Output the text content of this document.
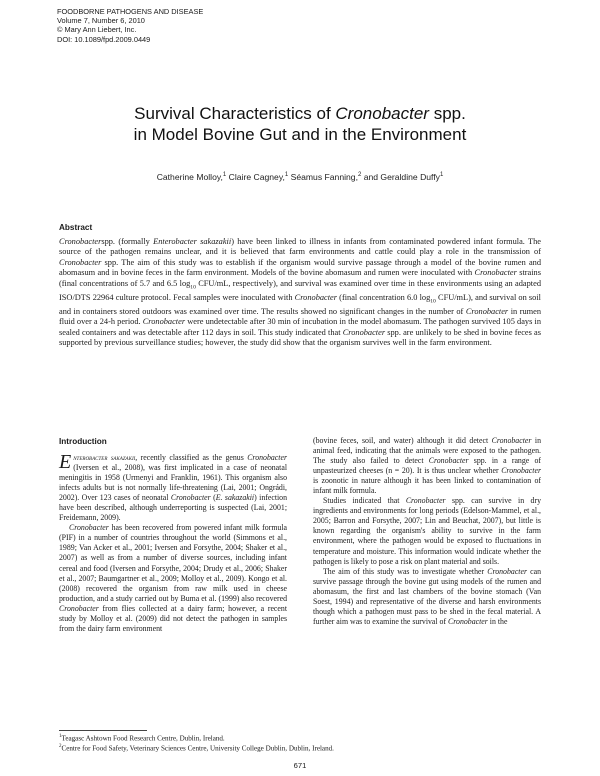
FOODBORNE PATHOGENS AND DISEASE
Volume 7, Number 6, 2010
© Mary Ann Liebert, Inc.
DOI: 10.1089/fpd.2009.0449
Survival Characteristics of Cronobacter spp.
in Model Bovine Gut and in the Environment
Catherine Molloy,$^1$ Claire Cagney,$^1$ Séamus Fanning,$^2$ and Geraldine Duffy$^1$
Abstract

Cronobacterspp. (formally Enterobacter sakazakii) have been linked to illness in infants from contaminated powdered infant formula. The source of the pathogen remains unclear, and it is believed that farm environments and cattle could play a role in the transmission of Cronobacter spp. The aim of this study was to establish if the organism would survive passage through a model of the bovine rumen and abomasum and in bovine feces in the farm environment. Models of the bovine abomasum and rumen were inoculated with Cronobacter strains (final concentrations of 5.7 and 6.5 $\log_{10} CFU/mL$, respectively), and survival was examined over time in these environments using an adapted ISO/DTS 22964 culture protocol. Fecal samples were inoculated with Cronobacter (final concentration 6.0 $\log_{10} CFU/mL$), and survival on soil and in containers stored outdoors was examined over time. The results showed no significant changes in the number of Cronobacter in rumen fluid over a 24-h period. Cronobacter were undetectable after 30 min of incubation in the model abomasum. The pathogen survived 105 days in sealed containers and was detectable after 112 days in soil. This study indicated that Cronobacter spp. are unlikely to be shed in bovine feces as supported by previous surveillance studies; however, the study did show that the organism survives well in the farm environment.

Introduction

Enterobacter sakazakii, recently classified as the genus Cronobacter (Iversen et al., 2008), was first implicated in a case of neonatal meningitis in 1958 (Urmenyi and Franklin, 1961). This organism also infects adults but is not normally life-threatening (Lai, 2001; Ongrádi, 2002). Over 123 cases of neonatal Cronobacter (E. sakazakii) infection have been described, although underreporting is suspected (Lai, 2001; Freidemann, 2009).

Cronobacter has been recovered from powered infant milk formula (PIF) in a number of countries throughout the world (Simmons et al., 1989; Van Acker et al., 2001; Iversen and Forsythe, 2004; Shaker et al., 2007) as well as from a number of diverse sources, including infant cereal and food (Iversen and Forsythe, 2004; Drudy et al., 2006; Shaker et al., 2007; Baumgartner et al., 2009; Molloy et al., 2009). Kongo et al. (2008) recovered the organism from raw milk used in cheese production, and a study carried out by Buma et al. (1999) also recovered Cronobacter from flies collected at a dairy farm; however, a recent study by Molloy et al. (2009) did not detect the pathogen in samples from the dairy farm environment

(bovine feces, soil, and water) although it did detect Cronobacter in animal feed, indicating that the animals were exposed to the pathogen. The study also failed to detect Cronobacter spp. in a range of unpasteurized cheeses (n = 20). It is thus unclear whether Cronobacter is zoonotic in nature although it has been linked to contamination of infant milk formula.

Studies indicated that Cronobacter spp. can survive in dry ingredients and environments for long periods (Edelson-Mammel, et al., 2005; Barron and Forsythe, 2007; Lin and Beuchat, 2007), but little is known regarding the organism's ability to survive in the farm environment, where the pathogen would be exposed to fluctuations in temperature and moisture. This information would indicate whether the pathogen is likely to pose a risk on plant material and soils.

The aim of this study was to investigate whether Cronobacter can survive passage through the bovine gut using models of the rumen and abomasum, the first and last chambers of the bovine stomach (Van Soest, 1994) and representative of the diverse and harsh environments though which a pathogen must pass to be shed in the fecal material. A further aim was to examine the survival of Cronobacter in the

$^1$Teagasc Ashtown Food Research Centre, Dublin, Ireland.
$^2$Centre for Food Safety, Veterinary Sciences Centre, University College Dublin, Dublin, Ireland.
671
